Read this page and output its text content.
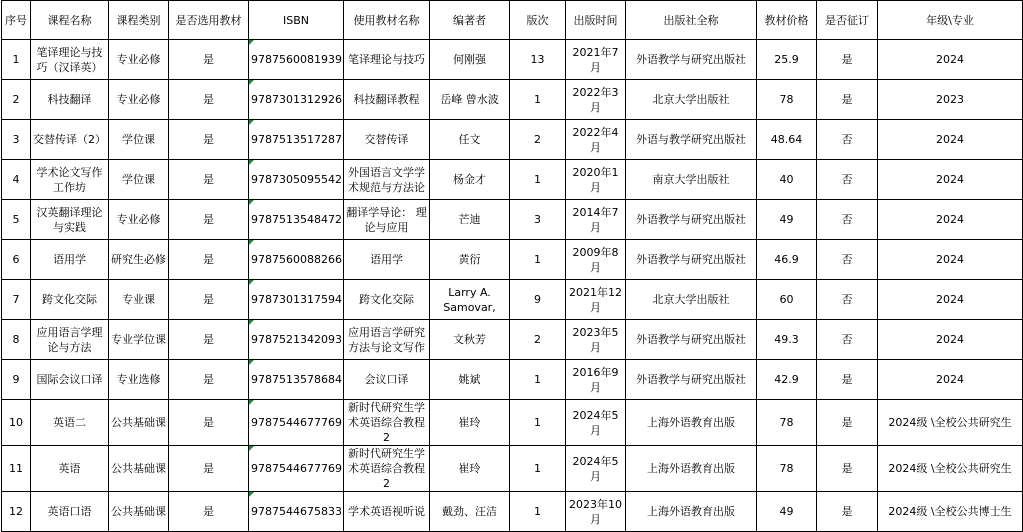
序号	课程名称	课程类别	是否选用教材	ISBN	使用教材名称	编著者	版次	出版时间	出版社全称	教材价格	是否征订	年级\专业
1	笔译理论与技巧（汉译英）	专业必修	是	9787560081939	笔译理论与技巧	何刚强	13	2021年7月	外语教学与研究出版社	25.9	是	2024
2	科技翻译	专业必修	是	9787301312926	科技翻译教程	岳峰 曾水波	1	2022年3月	北京大学出版社	78	是	2023
3	交替传译（2）	学位课	是	9787513517287	交替传译	任文	2	2022年4月	外语与教学研究出版社	48.64	否	2024
4	学术论文写作工作坊	学位课	是	9787305095542	外国语言文学学术规范与方法论	杨金才	1	2020年1月	南京大学出版社	40	否	2024
5	汉英翻译理论与实践	专业必修	是	9787513548472	翻译学导论： 理论与应用	芒迪	3	2014年7月	外语教学与研究出版社	49	否	2024
6	语用学	研究生必修	是	9787560088266	语用学	黄衍	1	2009年8月	外语教学与研究出版社	46.9	否	2024
7	跨文化交际	专业课	是	9787301317594	跨文化交际	Larry A. Samovar,	9	2021年12月	北京大学出版社	60	否	2024
8	应用语言学理论与方法	专业学位课	是	9787521342093	应用语言学研究方法与论文写作	文秋芳	2	2023年5月	外语教学与研究出版社	49.3	否	2024
9	国际会议口译	专业选修	是	9787513578684	会议口译	姚斌	1	2016年9月	外语教学与研究出版社	42.9	是	2024
10	英语二	公共基础课	是	9787544677769	新时代研究生学术英语综合教程2	崔玲	1	2024年5月	上海外语教育出版	78	是	2024级 \全校公共研究生
11	英语	公共基础课	是	9787544677769	新时代研究生学术英语综合教程2	崔玲	1	2024年5月	上海外语教育出版	78	是	2024级 \全校公共研究生
12	英语口语	公共基础课	是	9787544675833	学术英语视听说	戴劲、汪洁	1	2023年10月	上海外语教育出版	49	是	2024级 \全校公共博士生
